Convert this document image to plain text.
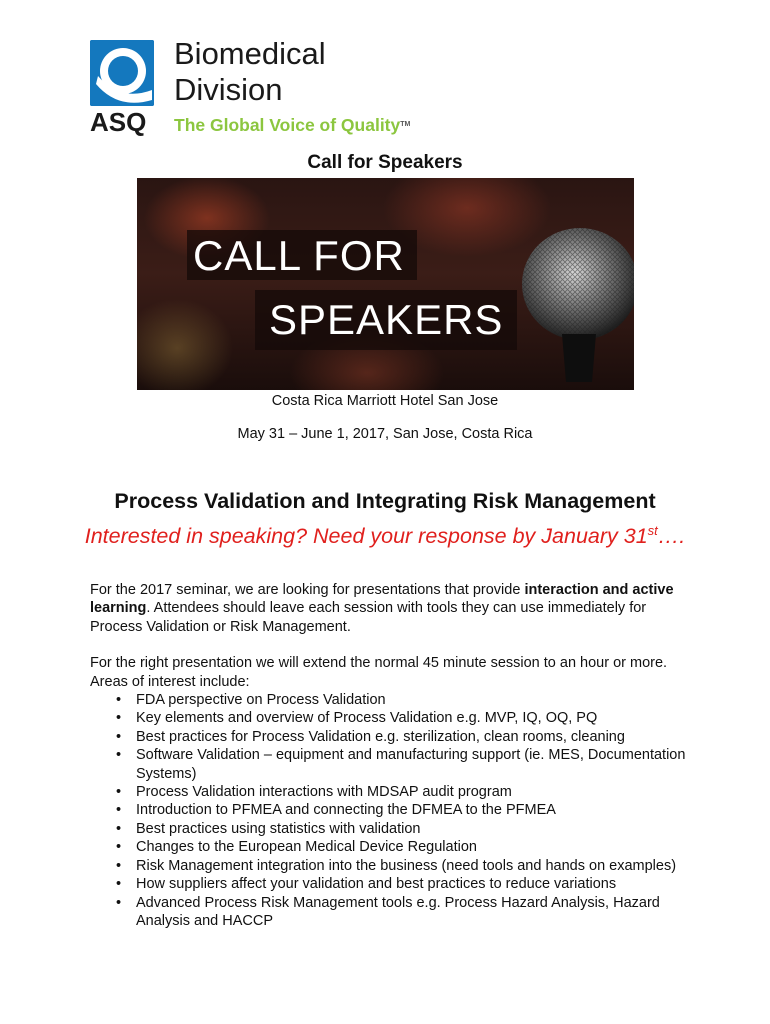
ASQ
Biomedical
Division
The Global Voice of Quality™
Call for Speakers
CALL FOR
SPEAKERS
Costa Rica Marriott Hotel San Jose
May 31 – June 1, 2017, San Jose, Costa Rica
Process Validation and Integrating Risk Management
Interested in speaking? Need your response by January 31st….

For the 2017 seminar, we are looking for presentations that provide interaction and active learning. Attendees should leave each session with tools they can use immediately for Process Validation or Risk Management.

For the right presentation we will extend the normal 45 minute session to an hour or more. Areas of interest include:

• FDA perspective on Process Validation
• Key elements and overview of Process Validation e.g. MVP, IQ, OQ, PQ
• Best practices for Process Validation e.g. sterilization, clean rooms, cleaning
• Software Validation – equipment and manufacturing support (ie. MES, Documentation Systems)
• Process Validation interactions with MDSAP audit program
• Introduction to PFMEA and connecting the DFMEA to the PFMEA
• Best practices using statistics with validation
• Changes to the European Medical Device Regulation
• Risk Management integration into the business (need tools and hands on examples)
• How suppliers affect your validation and best practices to reduce variations
• Advanced Process Risk Management tools e.g. Process Hazard Analysis, Hazard Analysis and HACCP
